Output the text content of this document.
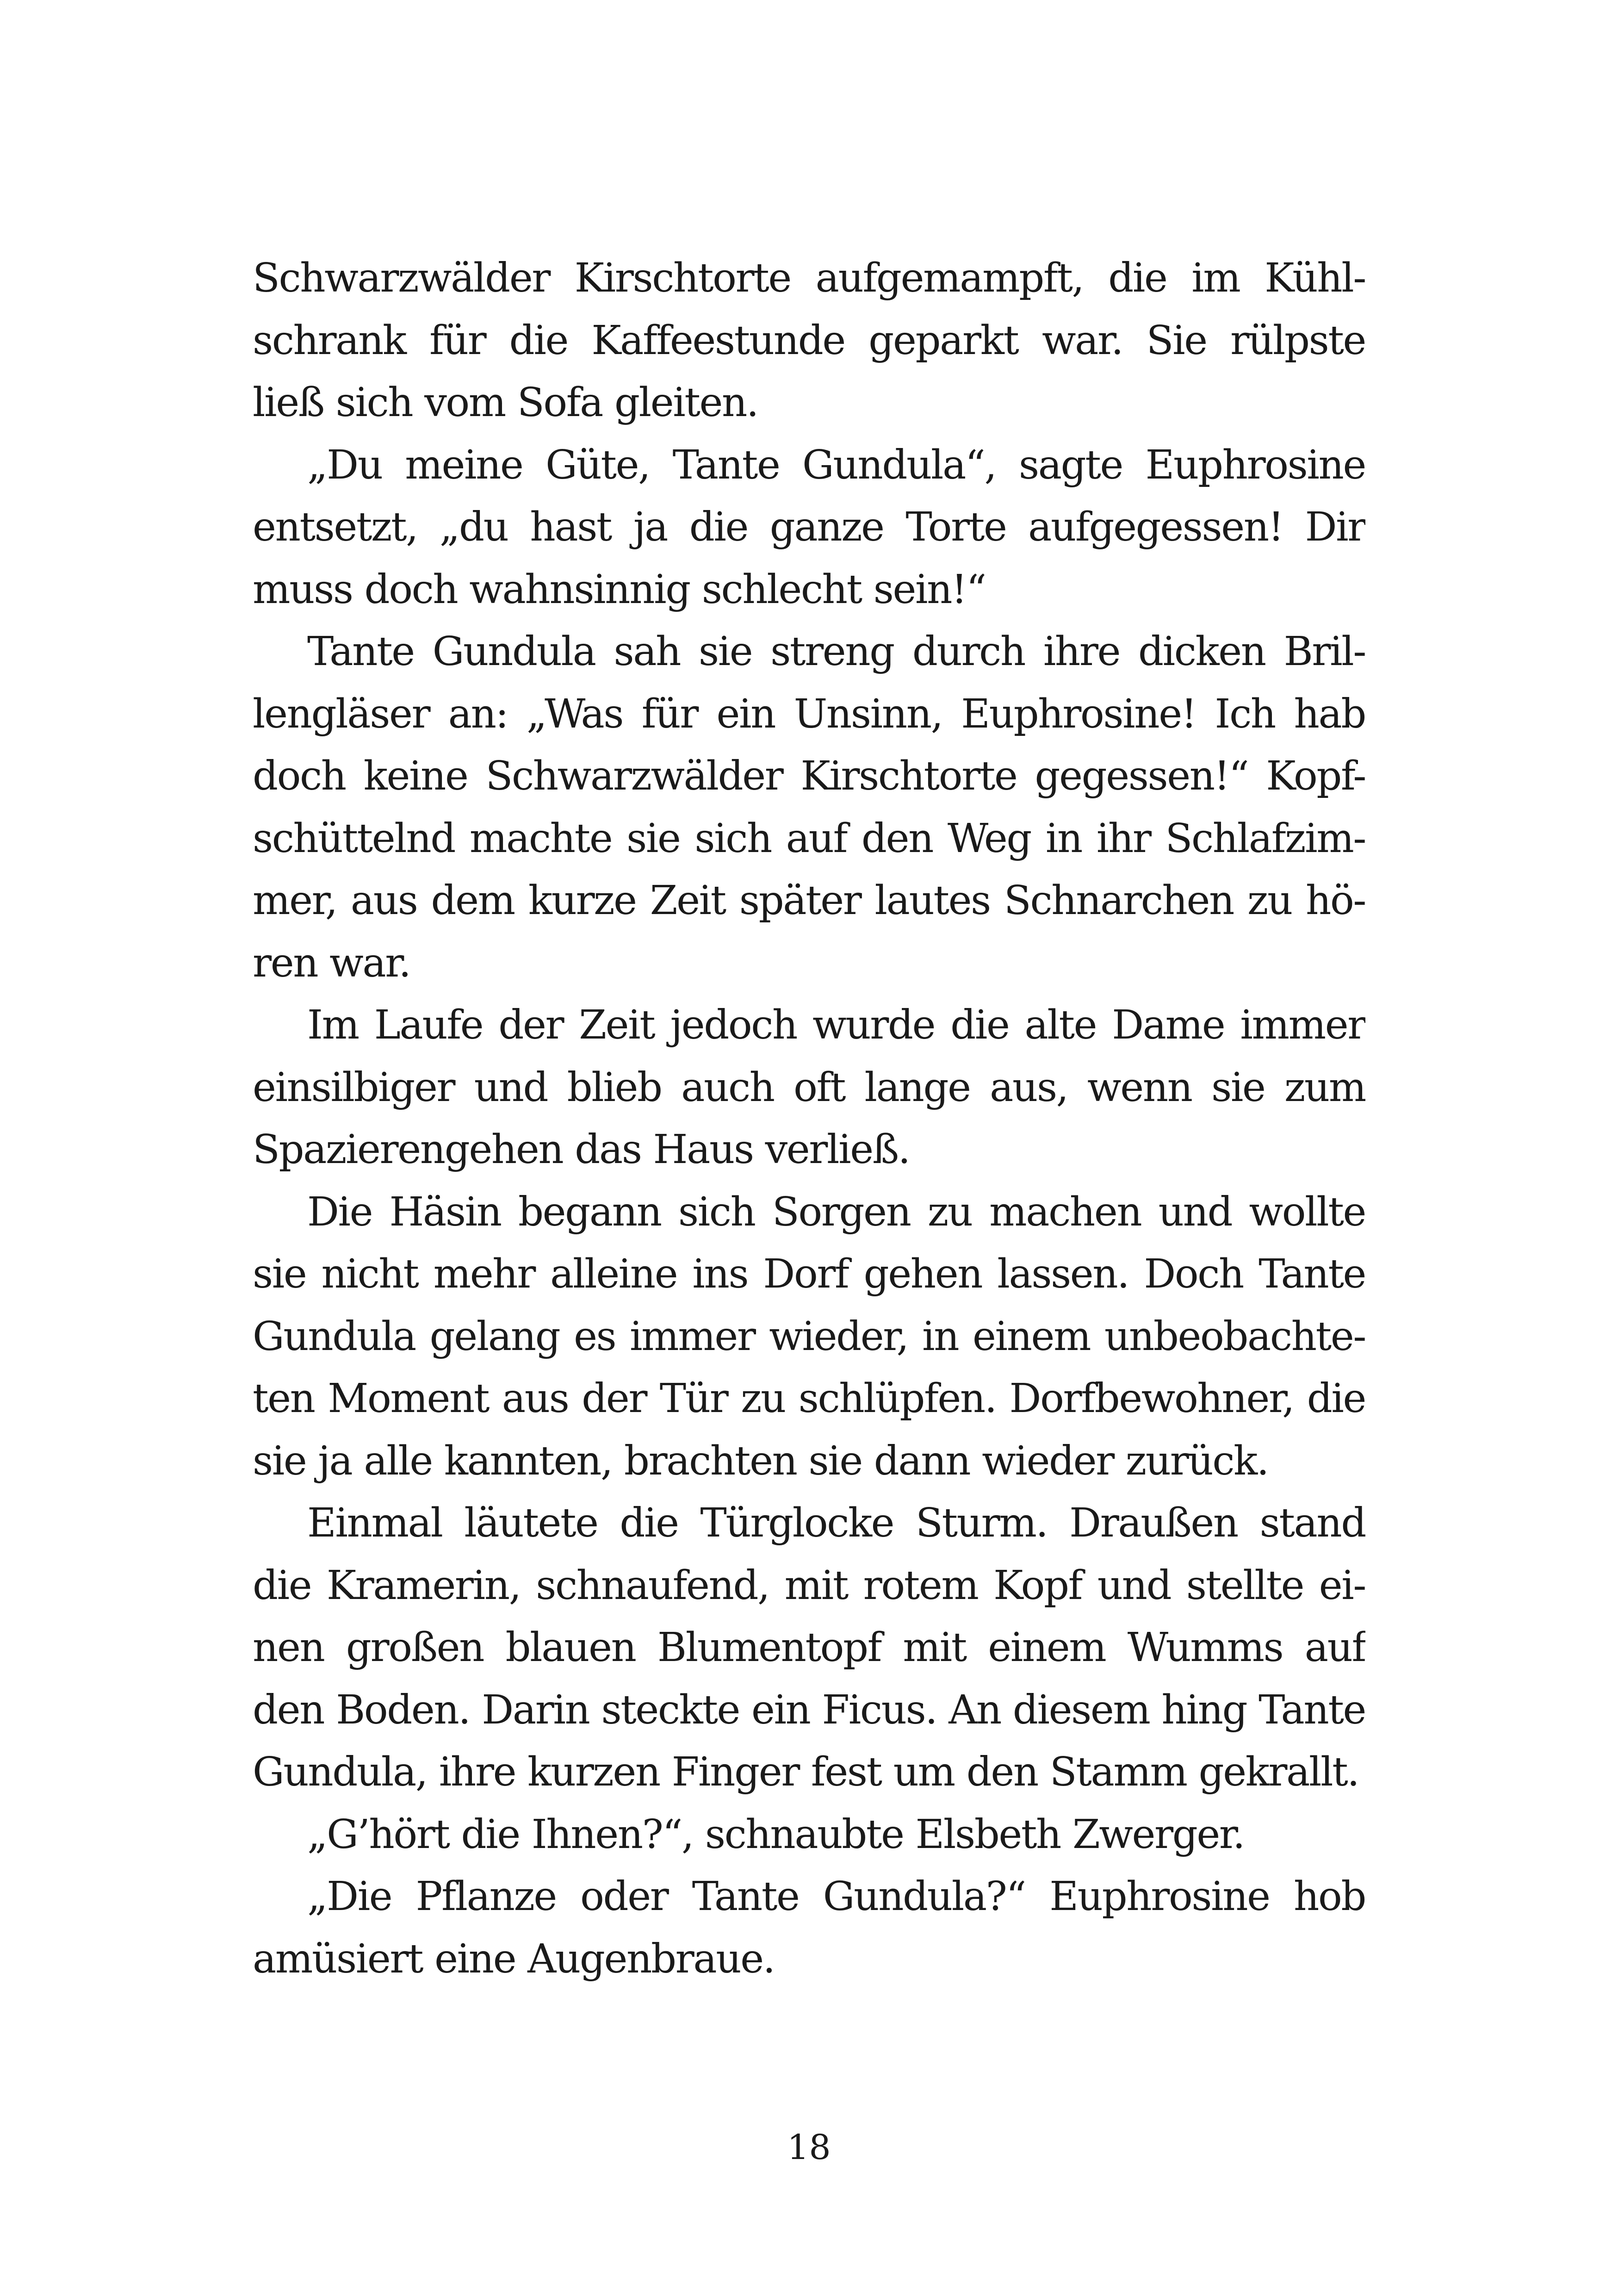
Schwarzwälder Kirschtorte aufgemampft, die im Kühl-
schrank für die Kaffeestunde geparkt war. Sie rülpste
ließ sich vom Sofa gleiten.
„Du meine Güte, Tante Gundula“, sagte Euphrosine
entsetzt, „du hast ja die ganze Torte aufgegessen! Dir
muss doch wahnsinnig schlecht sein!“
Tante Gundula sah sie streng durch ihre dicken Bril-
lengläser an: „Was für ein Unsinn, Euphrosine! Ich hab
doch keine Schwarzwälder Kirschtorte gegessen!“ Kopf-
schüttelnd machte sie sich auf den Weg in ihr Schlafzim-
mer, aus dem kurze Zeit später lautes Schnarchen zu hö-
ren war.
Im Laufe der Zeit jedoch wurde die alte Dame immer
einsilbiger und blieb auch oft lange aus, wenn sie zum
Spazierengehen das Haus verließ.
Die Häsin begann sich Sorgen zu machen und wollte
sie nicht mehr alleine ins Dorf gehen lassen. Doch Tante
Gundula gelang es immer wieder, in einem unbeobachte-
ten Moment aus der Tür zu schlüpfen. Dorfbewohner, die
sie ja alle kannten, brachten sie dann wieder zurück.
Einmal läutete die Türglocke Sturm. Draußen stand
die Kramerin, schnaufend, mit rotem Kopf und stellte ei-
nen großen blauen Blumentopf mit einem Wumms auf
den Boden. Darin steckte ein Ficus. An diesem hing Tante
Gundula, ihre kurzen Finger fest um den Stamm gekrallt.
„G’hört die Ihnen?“, schnaubte Elsbeth Zwerger.
„Die Pflanze oder Tante Gundula?“ Euphrosine hob
amüsiert eine Augenbraue.
18
